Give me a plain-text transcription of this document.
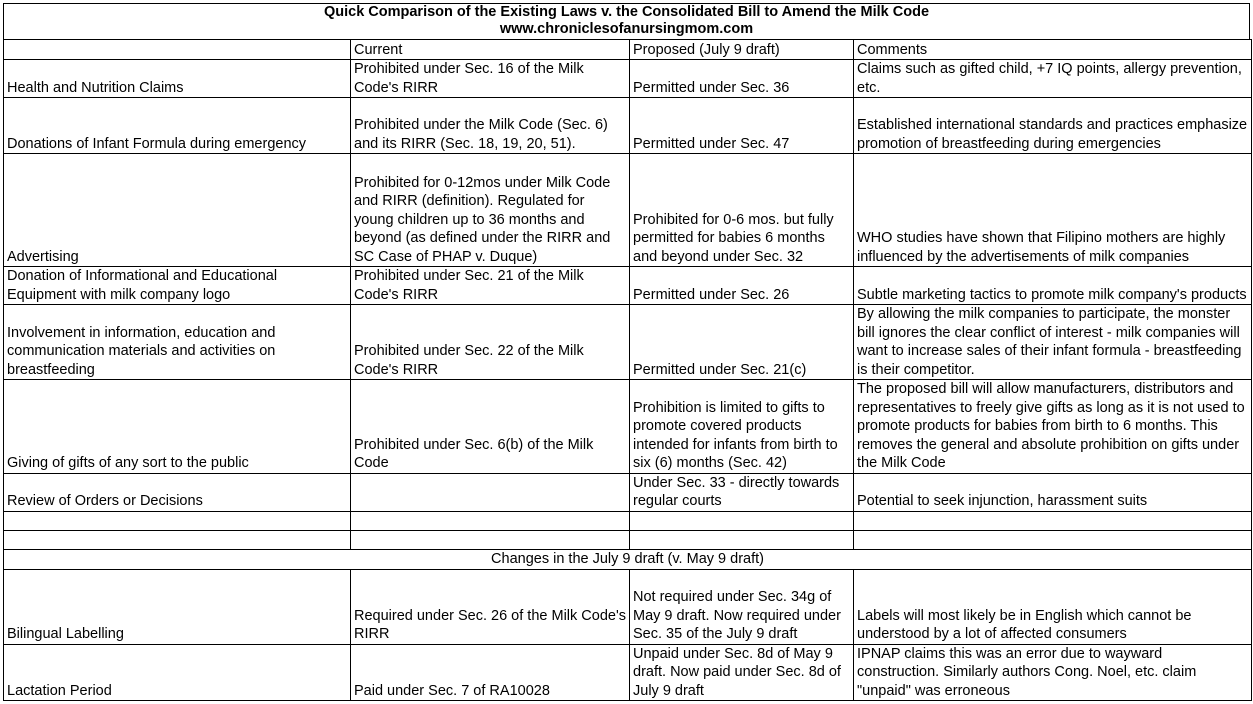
Quick Comparison of the Existing Laws v. the Consolidated Bill to Amend the Milk Code
www.chroniclesofanursingmom.com
	Current	Proposed (July 9 draft)	Comments
Health and Nutrition Claims	Prohibited under Sec. 16 of the Milk Code's RIRR	Permitted under Sec. 36	Claims such as gifted child, +7 IQ points, allergy prevention, etc.
Donations of Infant Formula during emergency	Prohibited under the Milk Code (Sec. 6) and its RIRR (Sec. 18, 19, 20, 51).	Permitted under Sec. 47	Established international standards and practices emphasize promotion of breastfeeding during emergencies
Advertising	Prohibited for 0-12mos under Milk Code and RIRR (definition). Regulated for young children up to 36 months and beyond (as defined under the RIRR and SC Case of PHAP v. Duque)	Prohibited for 0-6 mos. but fully permitted for babies 6 months and beyond under Sec. 32	WHO studies have shown that Filipino mothers are highly influenced by the advertisements of milk companies
Donation of Informational and Educational Equipment with milk company logo	Prohibited under Sec. 21 of the Milk Code's RIRR	Permitted under Sec. 26	Subtle marketing tactics to promote milk company's products
Involvement in information, education and communication materials and activities on breastfeeding	Prohibited under Sec. 22 of the Milk Code's RIRR	Permitted under Sec. 21(c)	By allowing the milk companies to participate, the monster bill ignores the clear conflict of interest - milk companies will want to increase sales of their infant formula - breastfeeding is their competitor.
Giving of gifts of any sort to the public	Prohibited under Sec. 6(b) of the Milk Code	Prohibition is limited to gifts to promote covered products intended for infants from birth to six (6) months (Sec. 42)	The proposed bill will allow manufacturers, distributors and representatives to freely give gifts as long as it is not used to promote products for babies from birth to 6 months. This removes the general and absolute prohibition on gifts under the Milk Code
Review of Orders or Decisions		Under Sec. 33 - directly towards regular courts	Potential to seek injunction, harassment suits

Changes in the July 9 draft (v. May 9 draft)			
Bilingual Labelling	Required under Sec. 26 of the Milk Code's RIRR	Not required under Sec. 34g of May 9 draft. Now required under Sec. 35 of the July 9 draft	Labels will most likely be in English which cannot be understood by a lot of affected consumers
Lactation Period	Paid under Sec. 7 of RA10028	Unpaid under Sec. 8d of May 9 draft. Now paid under Sec. 8d of July 9 draft	IPNAP claims this was an error due to wayward construction. Similarly authors Cong. Noel, etc. claim "unpaid" was erroneous
